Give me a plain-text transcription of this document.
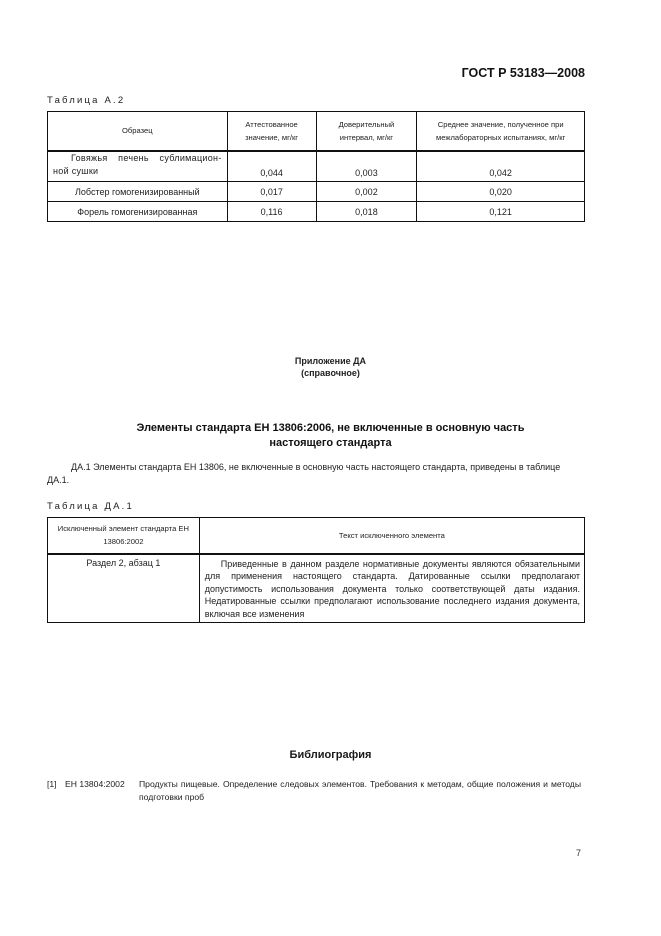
ГОСТ Р 53183—2008
Таблица А.2
Образец	Аттестованное значение, мг/кг	Доверительный интервал, мг/кг	Среднее значение, полученное при межлабораторных испытаниях, мг/кг
Говяжья печень сублимацион-ной сушки	0,044	0,003	0,042
Лобстер гомогенизированный	0,017	0,002	0,020
Форель гомогенизированная	0,116	0,018	0,121
Приложение ДА
(справочное)
Элементы стандарта ЕН 13806:2006, не включенные в основную часть
настоящего стандарта
ДА.1 Элементы стандарта ЕН 13806, не включенные в основную часть настоящего стандарта, приведены в таблице ДА.1.
Таблица ДА.1
Исключенный элемент стандарта ЕН 13806:2002	Текст исключенного элемента
Раздел 2, абзац 1	Приведенные в данном разделе нормативные документы являются обязательными для применения настоящего стандарта. Датированные ссылки предполагают допустимость использования документа только соответствующей даты издания. Недатированные ссылки предполагают использование последнего издания документа, включая все изменения
Библиография
[1] ЕН 13804:2002 Продукты пищевые. Определение следовых элементов. Требования к методам, общие положения и методы подготовки проб
7
